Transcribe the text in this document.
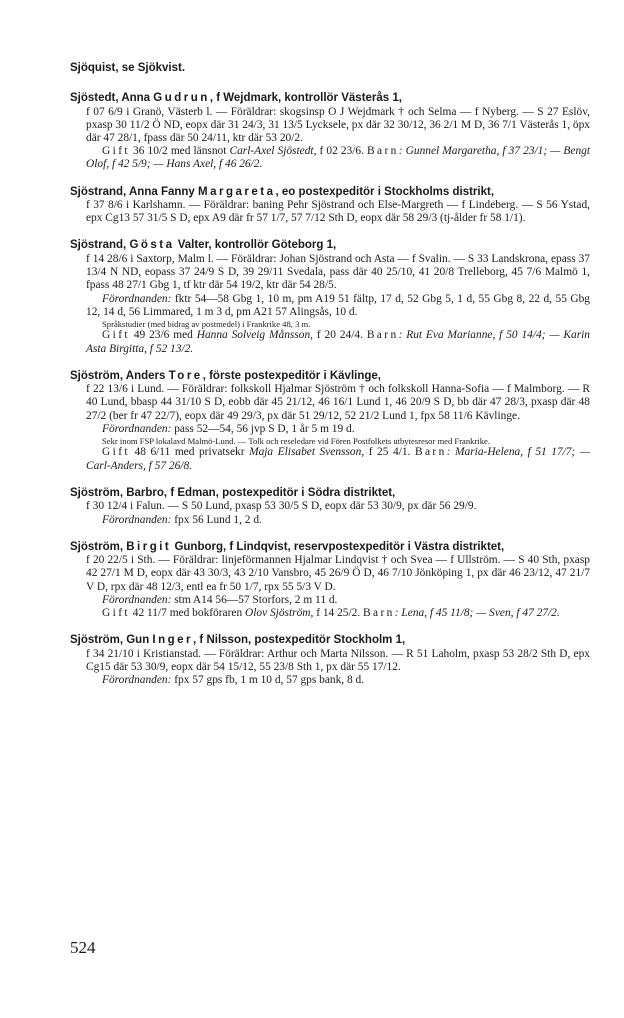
Sjöquist, se Sjökvist.
Sjöstedt, Anna Gudrun, f Wejdmark, kontrollör Västerås 1,
f 07 6/9 i Granö, Västerb l. — Föräldrar: skogsinsp O J Wejdmark † och Selma — f Nyberg. — S 27 Eslöv, pxasp 30 11/2 Ö ND, eopx där 31 24/3, 31 13/5 Lycksele, px där 32 30/12, 36 2/1 M D, 36 7/1 Västerås 1, öpx där 47 28/1, fpass där 50 24/11, ktr där 53 20/2.

Gift 36 10/2 med länsnot Carl-Axel Sjöstedt, f 02 23/6. Barn: Gunnel Margaretha, f 37 23/1; — Bengt Olof, f 42 5/9; — Hans Axel, f 46 26/2.

Sjöstrand, Anna Fanny Margareta, eo postexpeditör i Stockholms distrikt,
f 37 8/6 i Karlshamn. — Föräldrar: baning Pehr Sjöstrand och Else-Margreth — f Lindeberg. — S 56 Ystad, epx Cg13 57 31/5 S D, epx A9 där fr 57 1/7, 57 7/12 Sth D, eopx där 58 29/3 (tj-ålder fr 58 1/1).
Sjöstrand, Gösta Valter, kontrollör Göteborg 1,
f 14 28/6 i Saxtorp, Malm l. — Föräldrar: Johan Sjöstrand och Asta — f Svalin. — S 33 Landskrona, epass 37 13/4 N ND, eopass 37 24/9 S D, 39 29/11 Svedala, pass där 40 25/10, 41 20/8 Trelleborg, 45 7/6 Malmö 1, fpass 48 27/1 Gbg 1, tf ktr där 54 19/2, ktr där 54 28/5.

Förordnanden: fktr 54—58 Gbg 1, 10 m, pm A19 51 fältp, 17 d, 52 Gbg 5, 1 d, 55 Gbg 8, 22 d, 55 Gbg 12, 14 d, 56 Limmared, 1 m 3 d, pm A21 57 Alingsås, 10 d.

Språkstudier (med bidrag av postmedel) i Frankrike 48, 3 m.

Gift 49 23/6 med Hanna Solveig Månsson, f 20 24/4. Barn: Rut Eva Marianne, f 50 14/4; — Karin Asta Birgitta, f 52 13/2.

Sjöström, Anders Tore, förste postexpeditör i Kävlinge,
f 22 13/6 i Lund. — Föräldrar: folkskoll Hjalmar Sjöström † och folkskoll Hanna-Sofia — f Malmborg. — R 40 Lund, bbasp 44 31/10 S D, eobb där 45 21/12, 46 16/1 Lund 1, 46 20/9 S D, bb där 47 28/3, pxasp där 48 27/2 (ber fr 47 22/7), eopx där 49 29/3, px där 51 29/12, 52 21/2 Lund 1, fpx 58 11/6 Kävlinge.

Förordnanden: pass 52—54, 56 jvp S D, 1 år 5 m 19 d.

Sekr inom FSP lokalavd Malmö-Lund. — Tolk och reseledare vid Fören Postfolkets utbytesresor med Frankrike.

Gift 48 6/11 med privatsekr Maja Elisabet Svensson, f 25 4/1. Barn: Maria-Helena, f 51 17/7; — Carl-Anders, f 57 26/8.

Sjöström, Barbro, f Edman, postexpeditör i Södra distriktet,
f 30 12/4 i Falun. — S 50 Lund, pxasp 53 30/5 S D, eopx där 53 30/9, px där 56 29/9.

Förordnanden: fpx 56 Lund 1, 2 d.

Sjöström, Birgit Gunborg, f Lindqvist, reservpostexpeditör i Västra distriktet,
f 20 22/5 i Sth. — Föräldrar: linjeförmannen Hjalmar Lindqvist † och Svea — f Ullström. — S 40 Sth, pxasp 42 27/1 M D, eopx där 43 30/3, 43 2/10 Vansbro, 45 26/9 Ö D, 46 7/10 Jönköping 1, px där 46 23/12, 47 21/7 V D, rpx där 48 12/3, entl ea fr 50 1/7, rpx 55 5/3 V D.

Förordnanden: stm A14 56—57 Storfors, 2 m 11 d.

Gift 42 11/7 med bokföraren Olov Sjöström, f 14 25/2. Barn: Lena, f 45 11/8; — Sven, f 47 27/2.

Sjöström, Gun Inger, f Nilsson, postexpeditör Stockholm 1,
f 34 21/10 i Kristianstad. — Föräldrar: Arthur och Marta Nilsson. — R 51 Laholm, pxasp 53 28/2 Sth D, epx Cg15 där 53 30/9, eopx där 54 15/12, 55 23/8 Sth 1, px där 55 17/12.

Förordnanden: fpx 57 gps fb, 1 m 10 d, 57 gps bank, 8 d.

524
